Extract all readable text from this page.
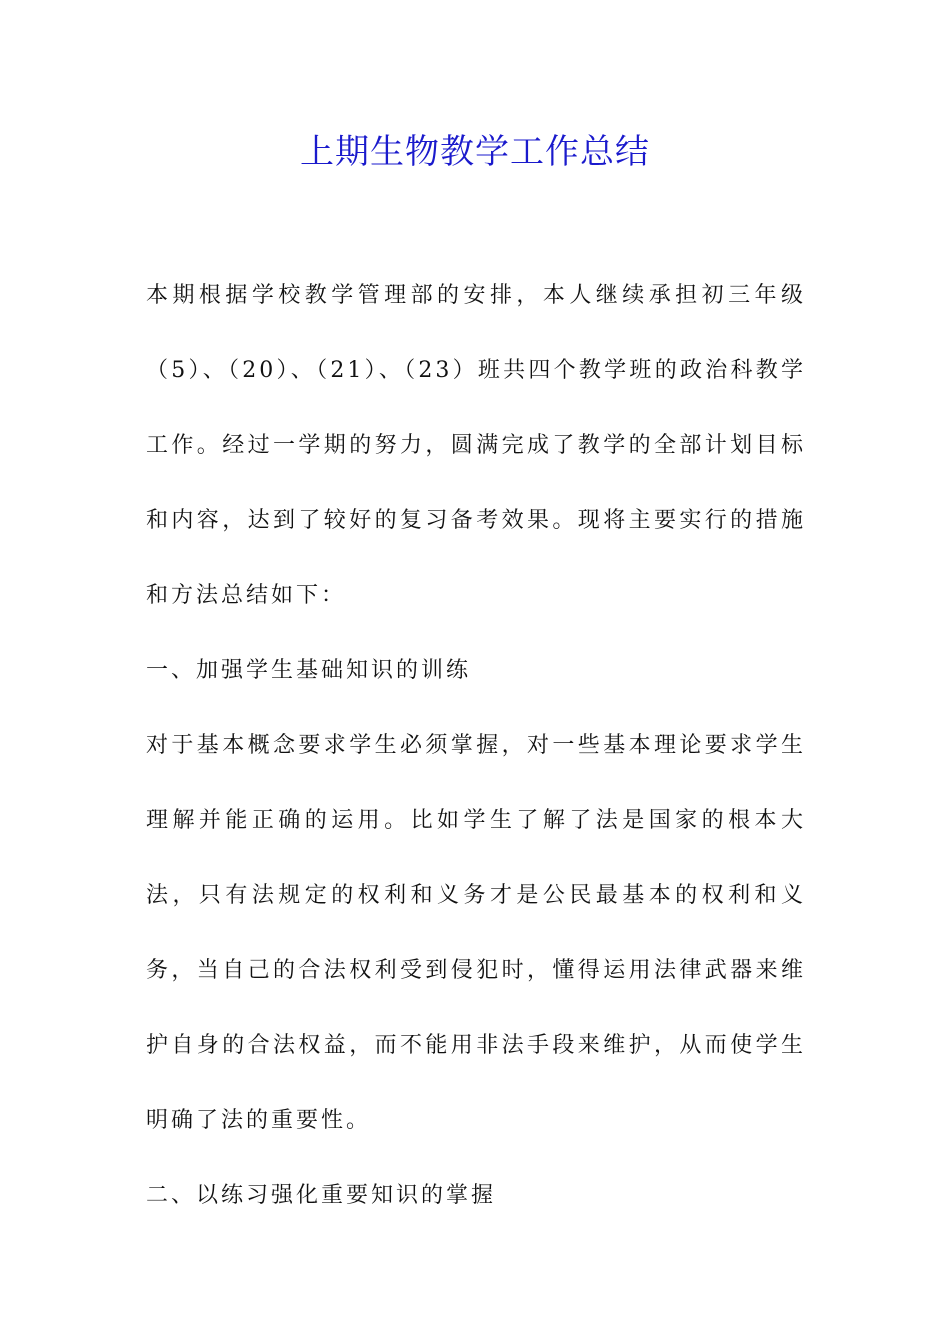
上期生物教学工作总结

本期根据学校教学管理部的安排，本人继续承担初三年级（5）、（20）、（21）、（23）班共四个教学班的政治科教学工作。经过一学期的努力，圆满完成了教学的全部计划目标和内容，达到了较好的复习备考效果。现将主要实行的措施和方法总结如下：

一、加强学生基础知识的训练

对于基本概念要求学生必须掌握，对一些基本理论要求学生理解并能正确的运用。比如学生了解了法是国家的根本大法，只有法规定的权利和义务才是公民最基本的权利和义务，当自己的合法权利受到侵犯时，懂得运用法律武器来维护自身的合法权益，而不能用非法手段来维护，从而使学生明确了法的重要性。

二、以练习强化重要知识的掌握
